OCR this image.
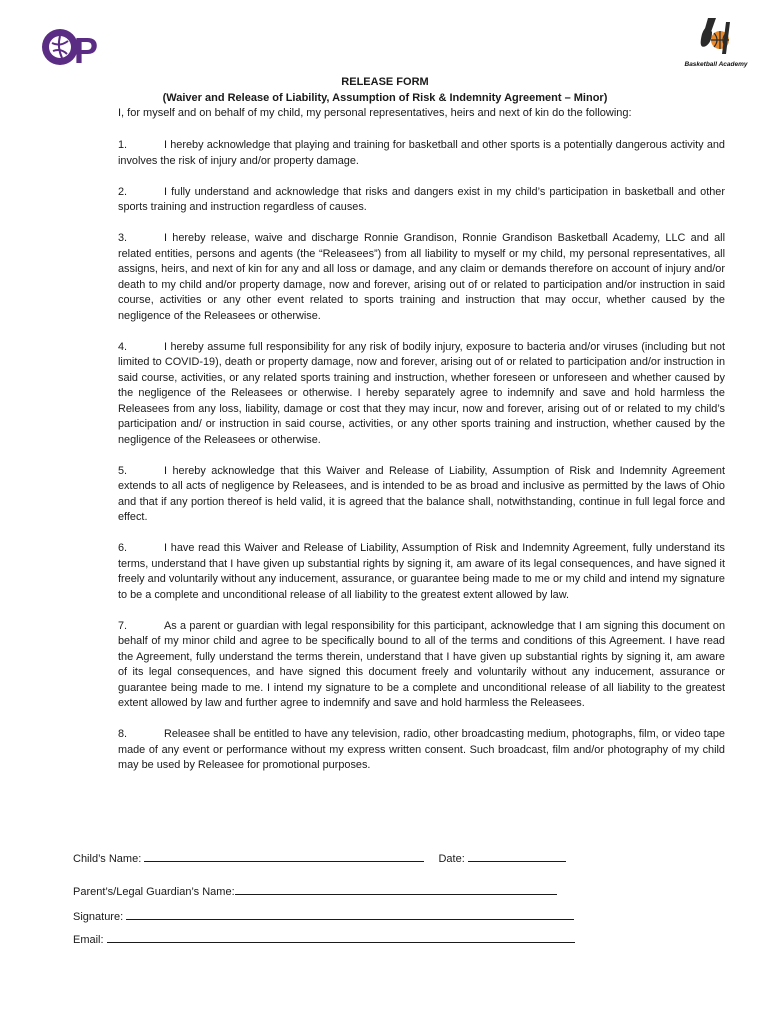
P	Basketball Academy
RELEASE FORM
(Waiver and Release of Liability, Assumption of Risk & Indemnity Agreement – Minor)
I, for myself and on behalf of my child, my personal representatives, heirs and next of kin do the following:

1.	I hereby acknowledge that playing and training for basketball and other sports is a potentially dangerous activity and involves the risk of injury and/or property damage.

2.	I fully understand and acknowledge that risks and dangers exist in my child’s participation in basketball and other sports training and instruction regardless of causes.

3.	I hereby release, waive and discharge Ronnie Grandison, Ronnie Grandison Basketball Academy, LLC and all related entities, persons and agents (the “Releasees”) from all liability to myself or my child, my personal representatives, all assigns, heirs, and next of kin for any and all loss or damage, and any claim or demands therefore on account of injury and/or death to my child and/or property damage, now and forever, arising out of or related to participation and/or instruction in said course, activities or any other event related to sports training and instruction that may occur, whether caused by the negligence of the Releasees or otherwise.

4.	I hereby assume full responsibility for any risk of bodily injury, exposure to bacteria and/or viruses (including but not limited to COVID-19), death or property damage, now and forever, arising out of or related to participation and/or instruction in said course, activities, or any related sports training and instruction, whether foreseen or unforeseen and whether caused by the negligence of the Releasees or otherwise. I hereby separately agree to indemnify and save and hold harmless the Releasees from any loss, liability, damage or cost that they may incur, now and forever, arising out of or related to my child’s participation and/ or instruction in said course, activities, or any other sports training and instruction, whether caused by the negligence of the Releasees or otherwise.

5.	I hereby acknowledge that this Waiver and Release of Liability, Assumption of Risk and Indemnity Agreement extends to all acts of negligence by Releasees, and is intended to be as broad and inclusive as permitted by the laws of Ohio and that if any portion thereof is held valid, it is agreed that the balance shall, notwithstanding, continue in full legal force and effect.

6.	I have read this Waiver and Release of Liability, Assumption of Risk and Indemnity Agreement, fully understand its terms, understand that I have given up substantial rights by signing it, am aware of its legal consequences, and have signed it freely and voluntarily without any inducement, assurance, or guarantee being made to me or my child and intend my signature to be a complete and unconditional release of all liability to the greatest extent allowed by law.

7.	As a parent or guardian with legal responsibility for this participant, acknowledge that I am signing this document on behalf of my minor child and agree to be specifically bound to all of the terms and conditions of this Agreement. I have read the Agreement, fully understand the terms therein, understand that I have given up substantial rights by signing it, am aware of its legal consequences, and have signed this document freely and voluntarily without any inducement, assurance or guarantee being made to me. I intend my signature to be a complete and unconditional release of all liability to the greatest extent allowed by law and further agree to indemnify and save and hold harmless the Releasees.

8.	Releasee shall be entitled to have any television, radio, other broadcasting medium, photographs, film, or video tape made of any event or performance without my express written consent. Such broadcast, film and/or photography of my child may be used by Releasee for promotional purposes.

Child’s Name:	Date:
Parent’s/Legal Guardian’s Name:
Signature:
Email:
